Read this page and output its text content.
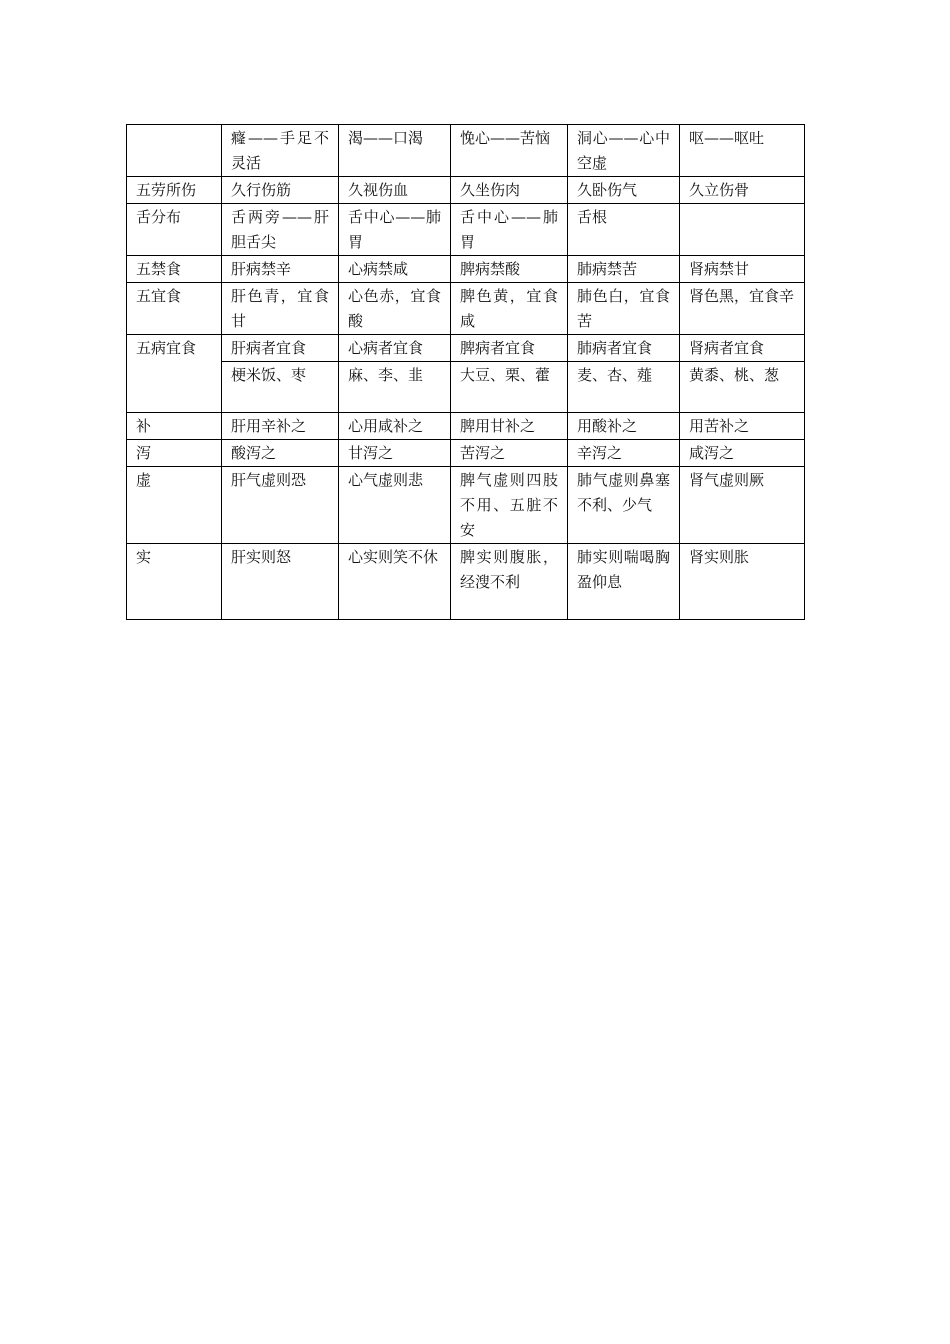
	癃——手足不灵活	渴——口渴	悗心——苦恼	洞心——心中空虚	呕——呕吐
五劳所伤	久行伤筋	久视伤血	久坐伤肉	久卧伤气	久立伤骨
舌分布	舌两旁——肝胆舌尖	舌中心——肺胃	舌中心——肺胃	舌根	
五禁食	肝病禁辛	心病禁咸	脾病禁酸	肺病禁苦	肾病禁甘
五宜食	肝色青，宜食甘	心色赤，宜食酸	脾色黄，宜食咸	肺色白，宜食苦	肾色黑，宜食辛
五病宜食	肝病者宜食	心病者宜食	脾病者宜食	肺病者宜食	肾病者宜食
	梗米饭、枣	麻、李、韭	大豆、栗、藿	麦、杏、薤	黄黍、桃、葱
补	肝用辛补之	心用咸补之	脾用甘补之	用酸补之	用苦补之
泻	酸泻之	甘泻之	苦泻之	辛泻之	咸泻之
虚	肝气虚则恐	心气虚则悲	脾气虚则四肢不用、五脏不安	肺气虚则鼻塞不利、少气	肾气虚则厥
实	肝实则怒	心实则笑不休	脾实则腹胀，经溲不利	肺实则喘喝胸盈仰息	肾实则胀
